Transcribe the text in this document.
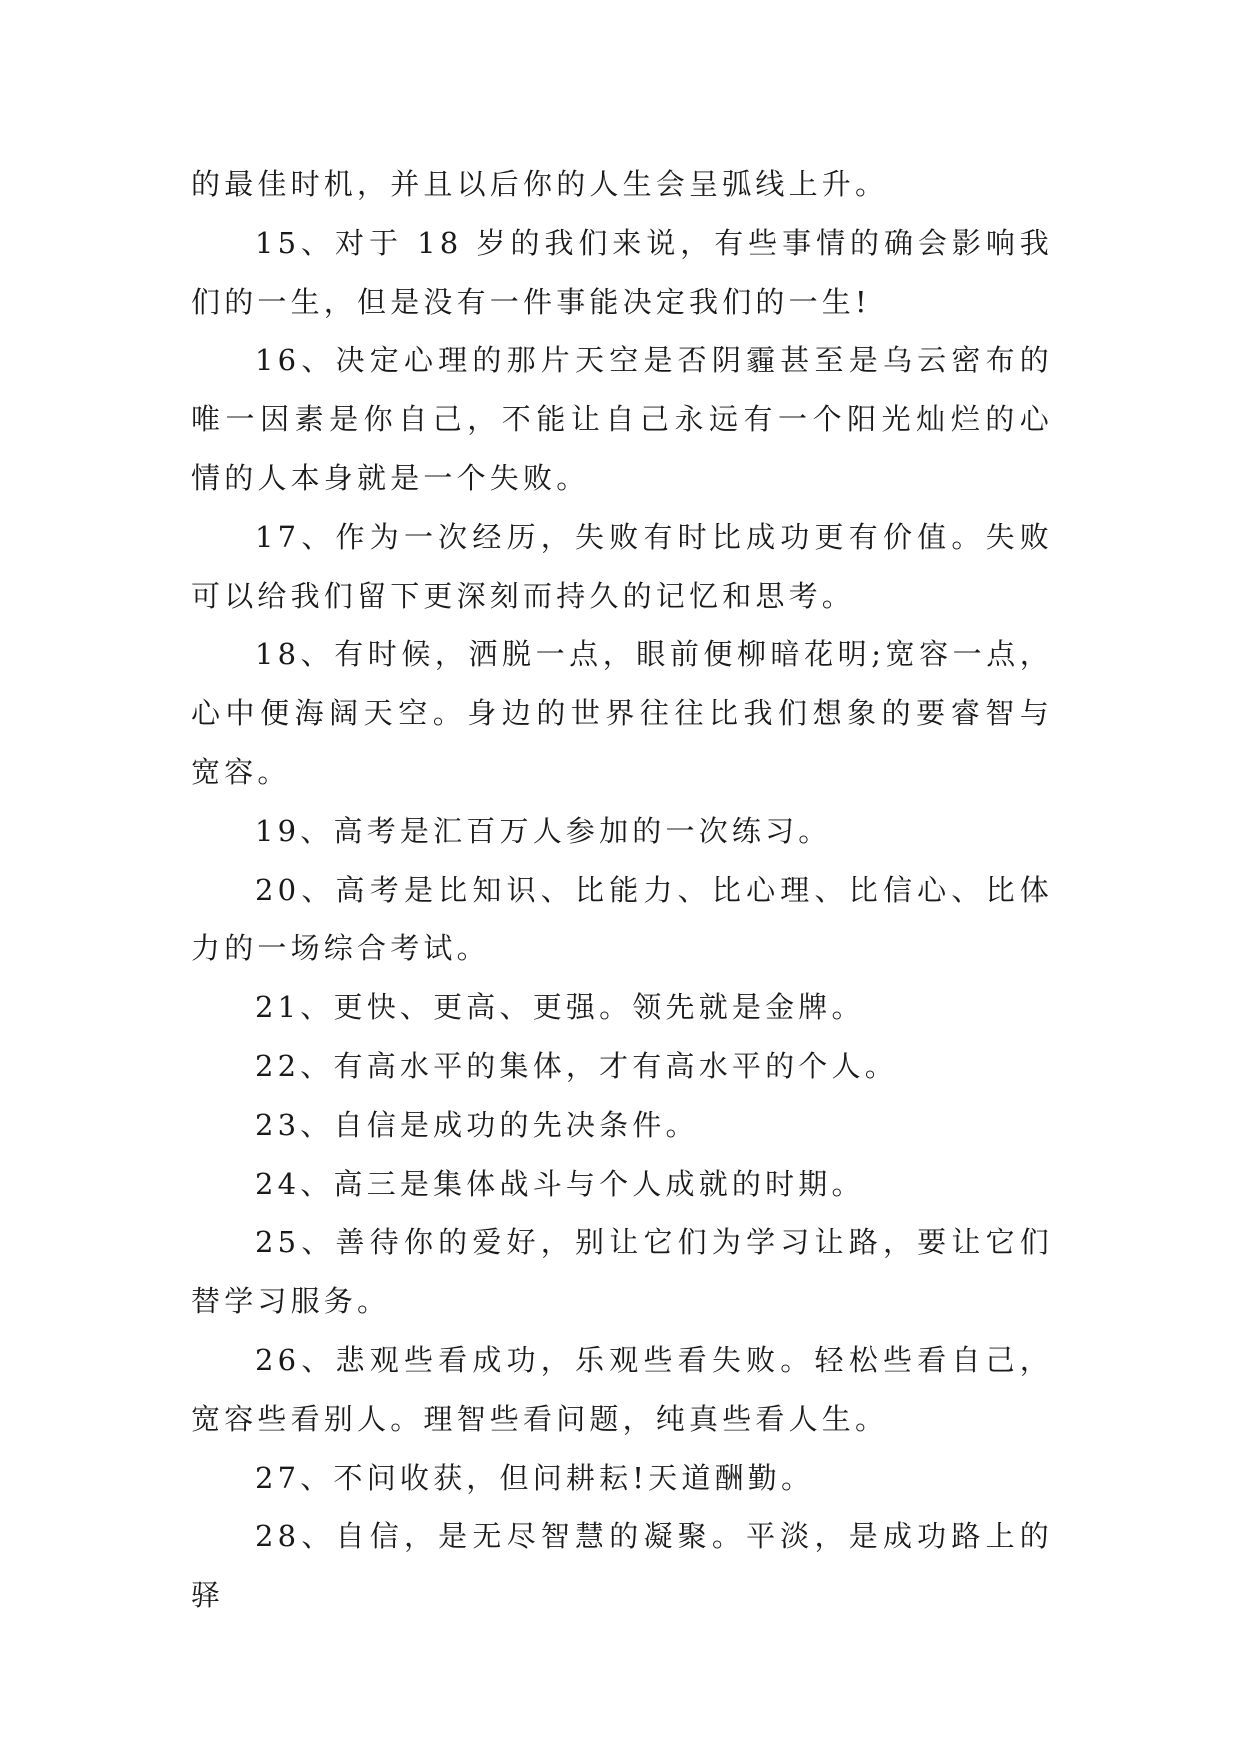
的最佳时机，并且以后你的人生会呈弧线上升。

15、对于 18 岁的我们来说，有些事情的确会影响我们的一生，但是没有一件事能决定我们的一生!

16、决定心理的那片天空是否阴霾甚至是乌云密布的唯一因素是你自己，不能让自己永远有一个阳光灿烂的心情的人本身就是一个失败。

17、作为一次经历，失败有时比成功更有价值。失败可以给我们留下更深刻而持久的记忆和思考。

18、有时候，洒脱一点，眼前便柳暗花明;宽容一点，心中便海阔天空。身边的世界往往比我们想象的要睿智与宽容。

19、高考是汇百万人参加的一次练习。

20、高考是比知识、比能力、比心理、比信心、比体力的一场综合考试。

21、更快、更高、更强。领先就是金牌。

22、有高水平的集体，才有高水平的个人。

23、自信是成功的先决条件。

24、高三是集体战斗与个人成就的时期。

25、善待你的爱好，别让它们为学习让路，要让它们替学习服务。

26、悲观些看成功，乐观些看失败。轻松些看自己，宽容些看别人。理智些看问题，纯真些看人生。

27、不问收获，但问耕耘!天道酬勤。

28、自信，是无尽智慧的凝聚。平淡，是成功路上的驿
